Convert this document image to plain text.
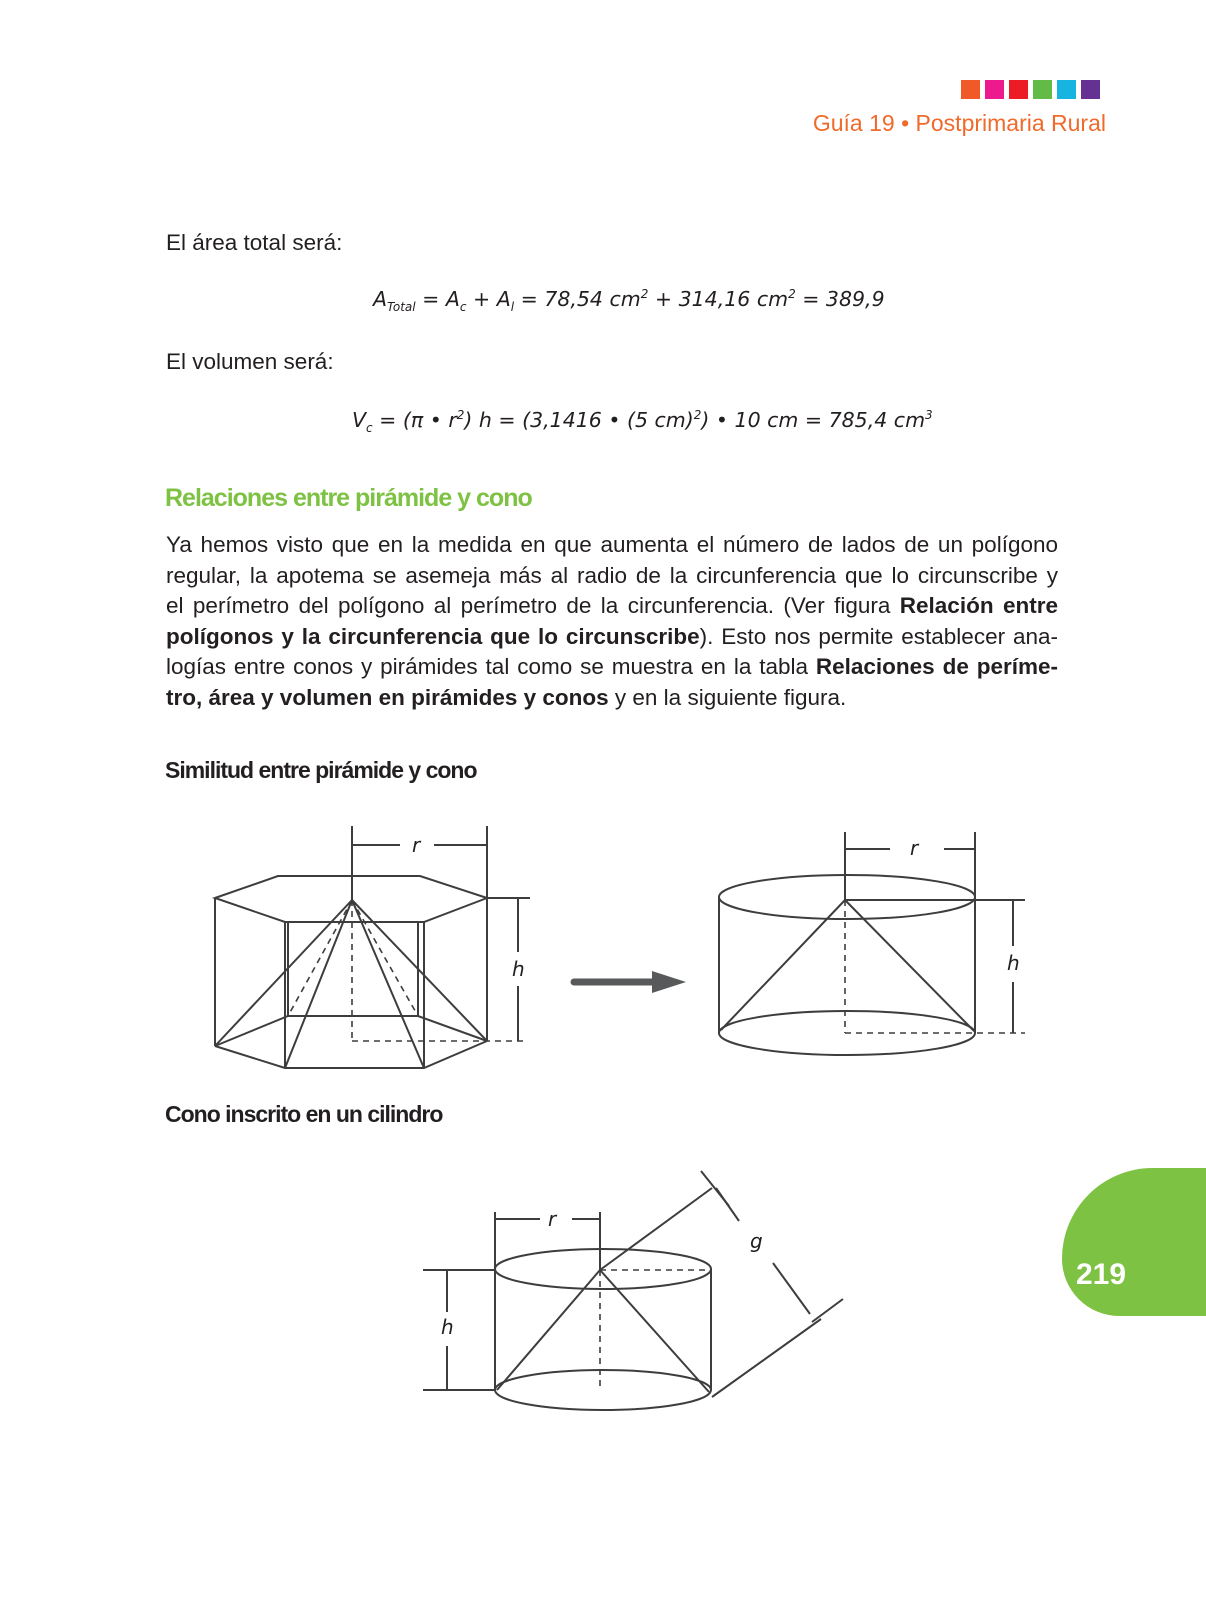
Guía 19 • Postprimaria Rural
El área total será:
$A_{Total} = A_c + A_l = 78,54$ $cm^2 + 314,16$ $cm^2 = 389,9$
El volumen será:
$V_c = (\pi$ • $r^2$) h = (3,1416 • (5 cm)$^2$) • 10 cm = 785,4 $cm^3$
Relaciones entre pirámide y cono
Ya hemos visto que en la medida en que aumenta el número de lados de un polígono
regular, la apotema se asemeja más al radio de la circunferencia que lo circunscribe y
el perímetro del polígono al perímetro de la circunferencia. (Ver figura Relación entre
polígonos y la circunferencia que lo circunscribe). Esto nos permite establecer ana-
logías entre conos y pirámides tal como se muestra en la tabla Relaciones de períme-
tro, área y volumen en pirámides y conos y en la siguiente figura.
Similitud entre pirámide y cono
r
h
r
h
r
h
g
Cono inscrito en un cilindro
219
